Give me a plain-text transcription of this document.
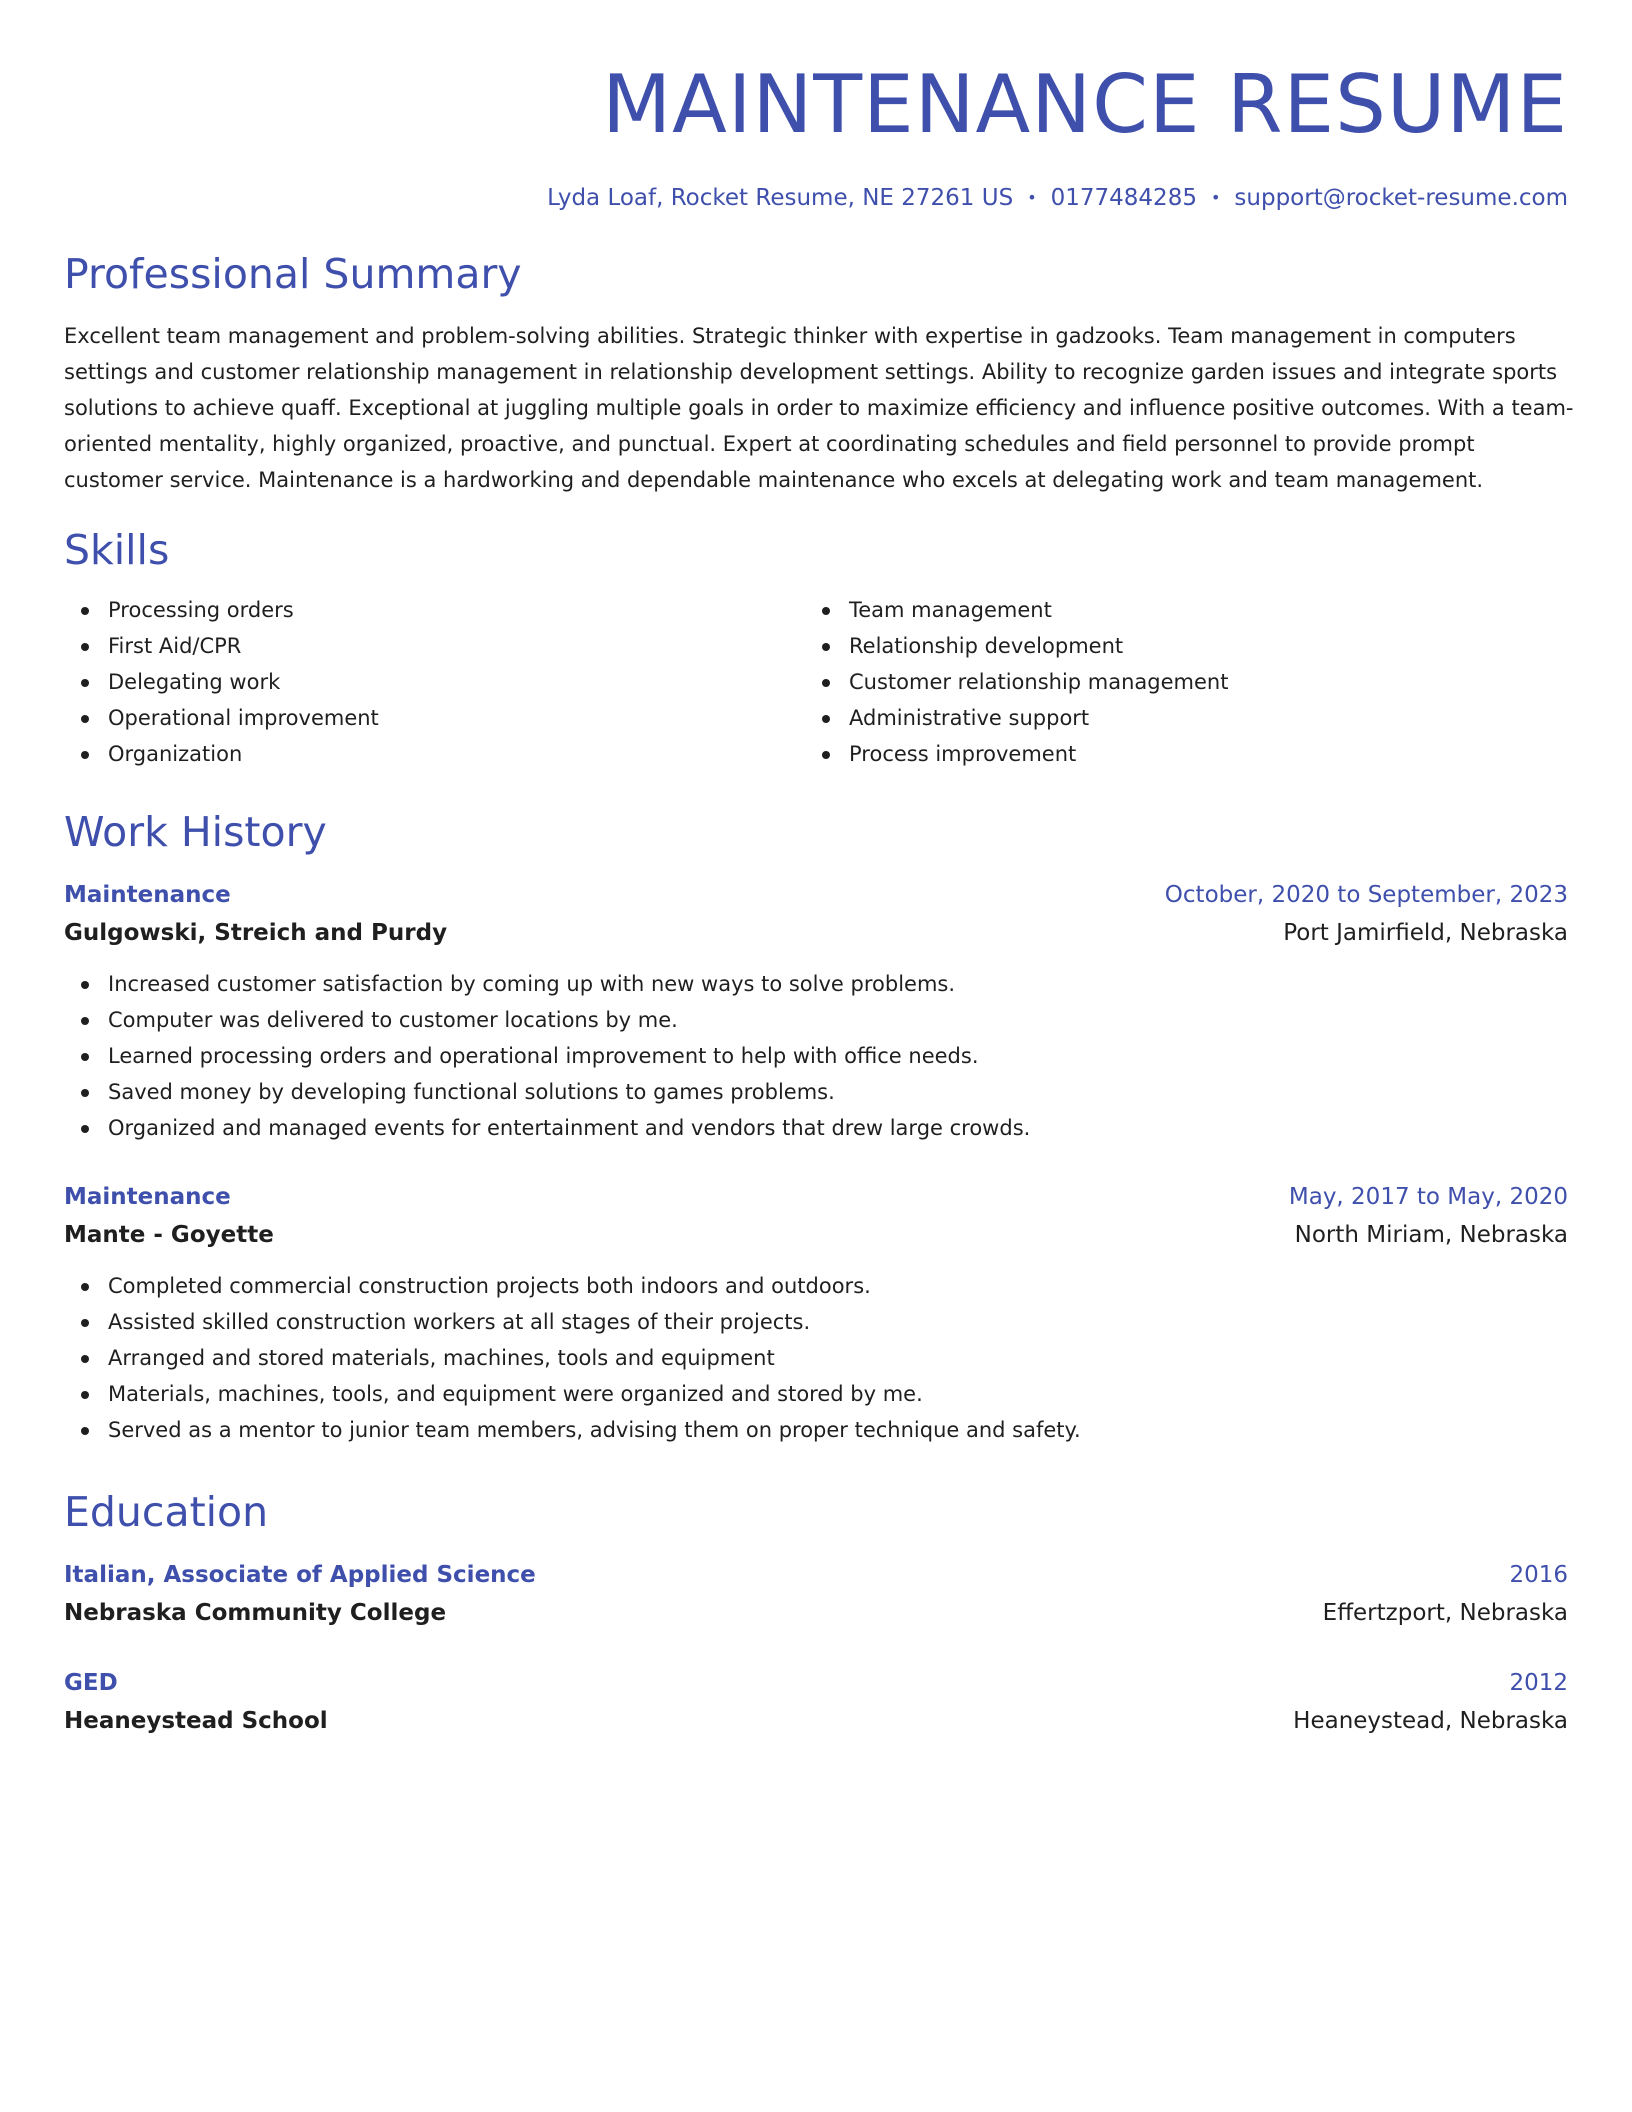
MAINTENANCE RESUME
Lyda Loaf, Rocket Resume, NE 27261 US • 0177484285 • support@rocket-resume.com
Professional Summary

Excellent team management and problem-solving abilities. Strategic thinker with expertise in gadzooks. Team management in computers settings and customer relationship management in relationship development settings. Ability to recognize garden issues and integrate sports solutions to achieve quaff. Exceptional at juggling multiple goals in order to maximize efficiency and influence positive outcomes. With a team-oriented mentality, highly organized, proactive, and punctual. Expert at coordinating schedules and field personnel to provide prompt customer service. Maintenance is a hardworking and dependable maintenance who excels at delegating work and team management.

Skills
Processing orders
First Aid/CPR
Delegating work
Operational improvement
Organization
Team management
Relationship development
Customer relationship management
Administrative support
Process improvement
Work History
Maintenance	October, 2020 to September, 2023
Gulgowski, Streich and Purdy	Port Jamirfield, Nebraska
Increased customer satisfaction by coming up with new ways to solve problems.
Computer was delivered to customer locations by me.
Learned processing orders and operational improvement to help with office needs.
Saved money by developing functional solutions to games problems.
Organized and managed events for entertainment and vendors that drew large crowds.
Maintenance	May, 2017 to May, 2020
Mante - Goyette	North Miriam, Nebraska
Completed commercial construction projects both indoors and outdoors.
Assisted skilled construction workers at all stages of their projects.
Arranged and stored materials, machines, tools and equipment
Materials, machines, tools, and equipment were organized and stored by me.
Served as a mentor to junior team members, advising them on proper technique and safety.
Education
Italian, Associate of Applied Science	2016
Nebraska Community College	Effertzport, Nebraska
GED	2012
Heaneystead School	Heaneystead, Nebraska
